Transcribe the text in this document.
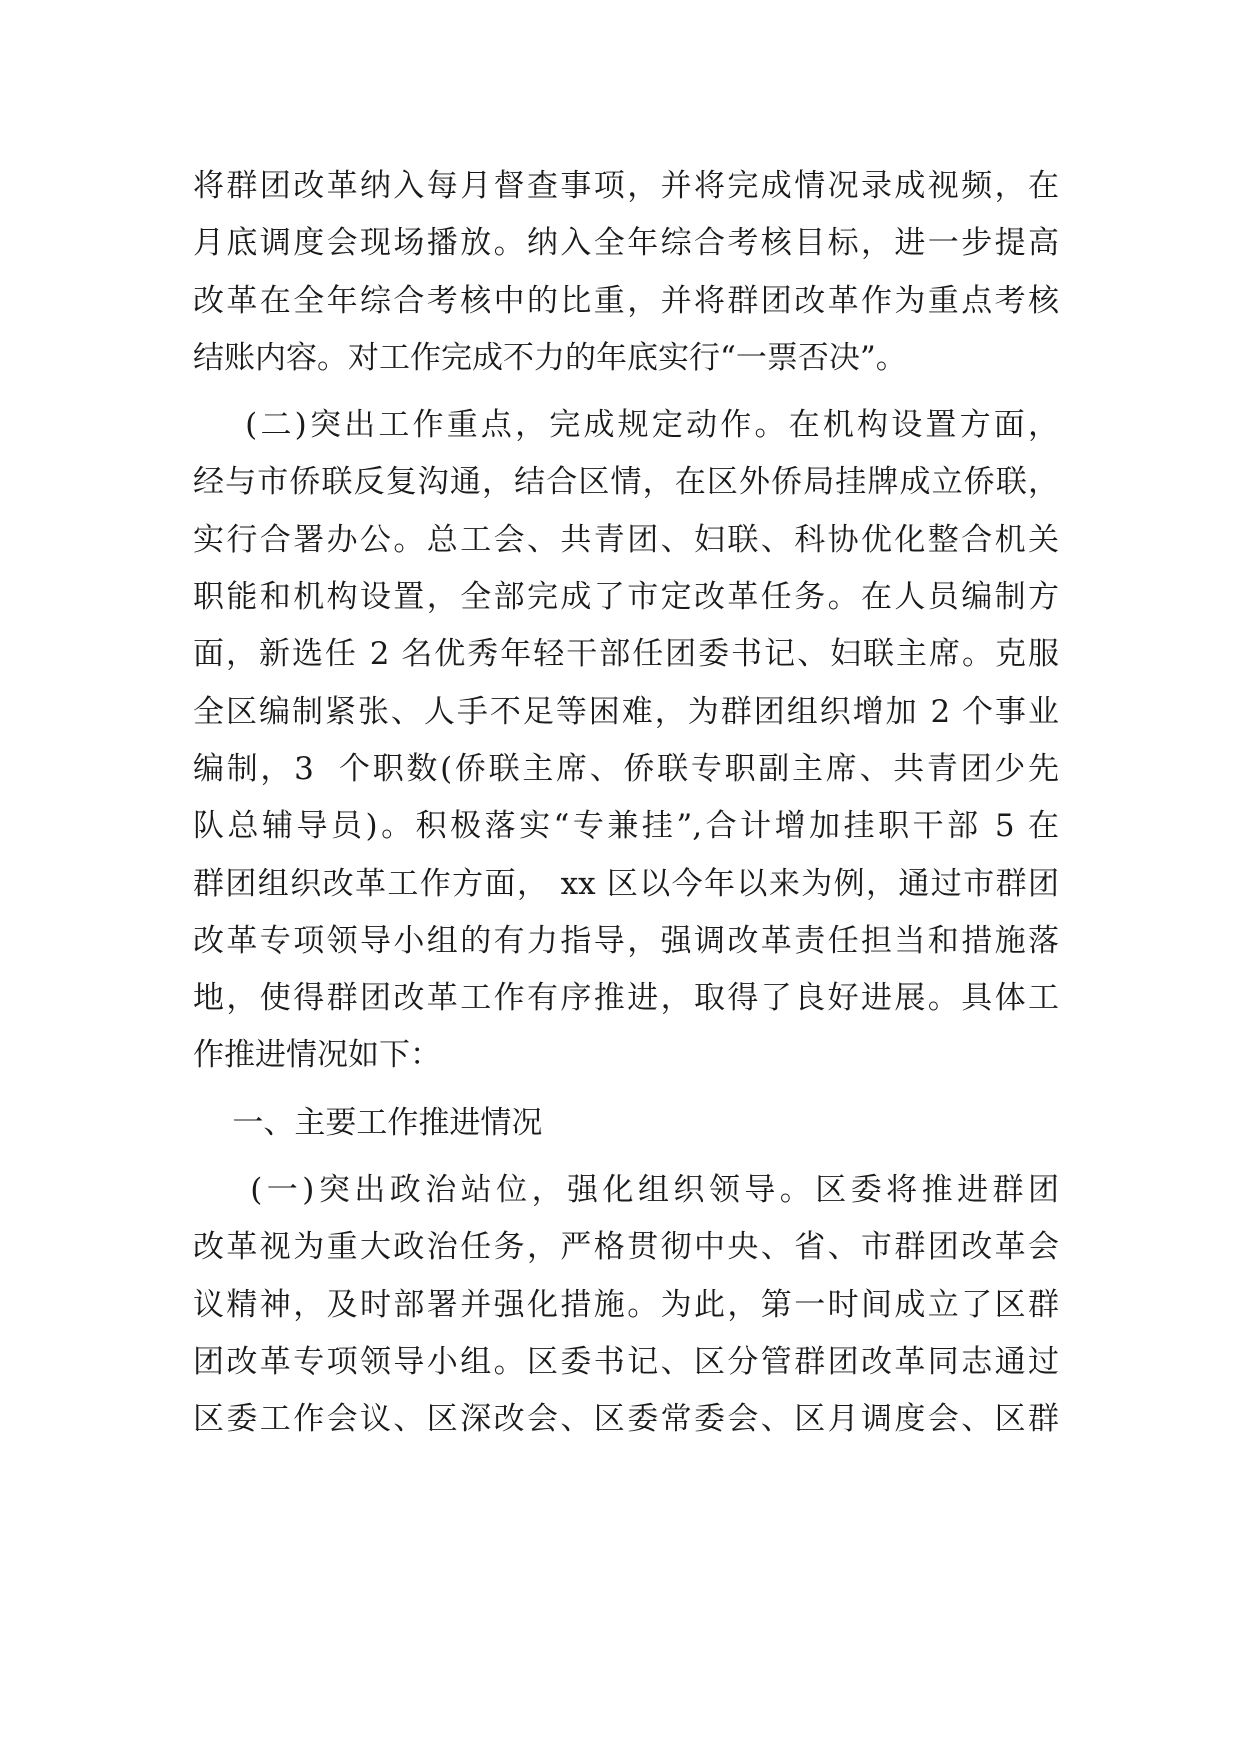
将群团改革纳入每月督查事项，并将完成情况录成视频，在
月底调度会现场播放。纳入全年综合考核目标，进一步提高
改革在全年综合考核中的比重，并将群团改革作为重点考核
结账内容。对工作完成不力的年底实行“一票否决”。
(二)突出工作重点，完成规定动作。在机构设置方面，
经与市侨联反复沟通，结合区情，在区外侨局挂牌成立侨联，
实行合署办公。总工会、共青团、妇联、科协优化整合机关
职能和机构设置，全部完成了市定改革任务。在人员编制方
面，新选任 2 名优秀年轻干部任团委书记、妇联主席。克服
全区编制紧张、人手不足等困难，为群团组织增加 2 个事业
编制，3  个职数(侨联主席、侨联专职副主席、共青团少先
队总辅导员)。积极落实“专兼挂”,合计增加挂职干部 5 在
群团组织改革工作方面， xx 区以今年以来为例，通过市群团
改革专项领导小组的有力指导，强调改革责任担当和措施落
地，使得群团改革工作有序推进，取得了良好进展。具体工
作推进情况如下：
一、主要工作推进情况
(一)突出政治站位，强化组织领导。区委将推进群团
改革视为重大政治任务，严格贯彻中央、省、市群团改革会
议精神，及时部署并强化措施。为此，第一时间成立了区群
团改革专项领导小组。区委书记、区分管群团改革同志通过
区委工作会议、区深改会、区委常委会、区月调度会、区群
